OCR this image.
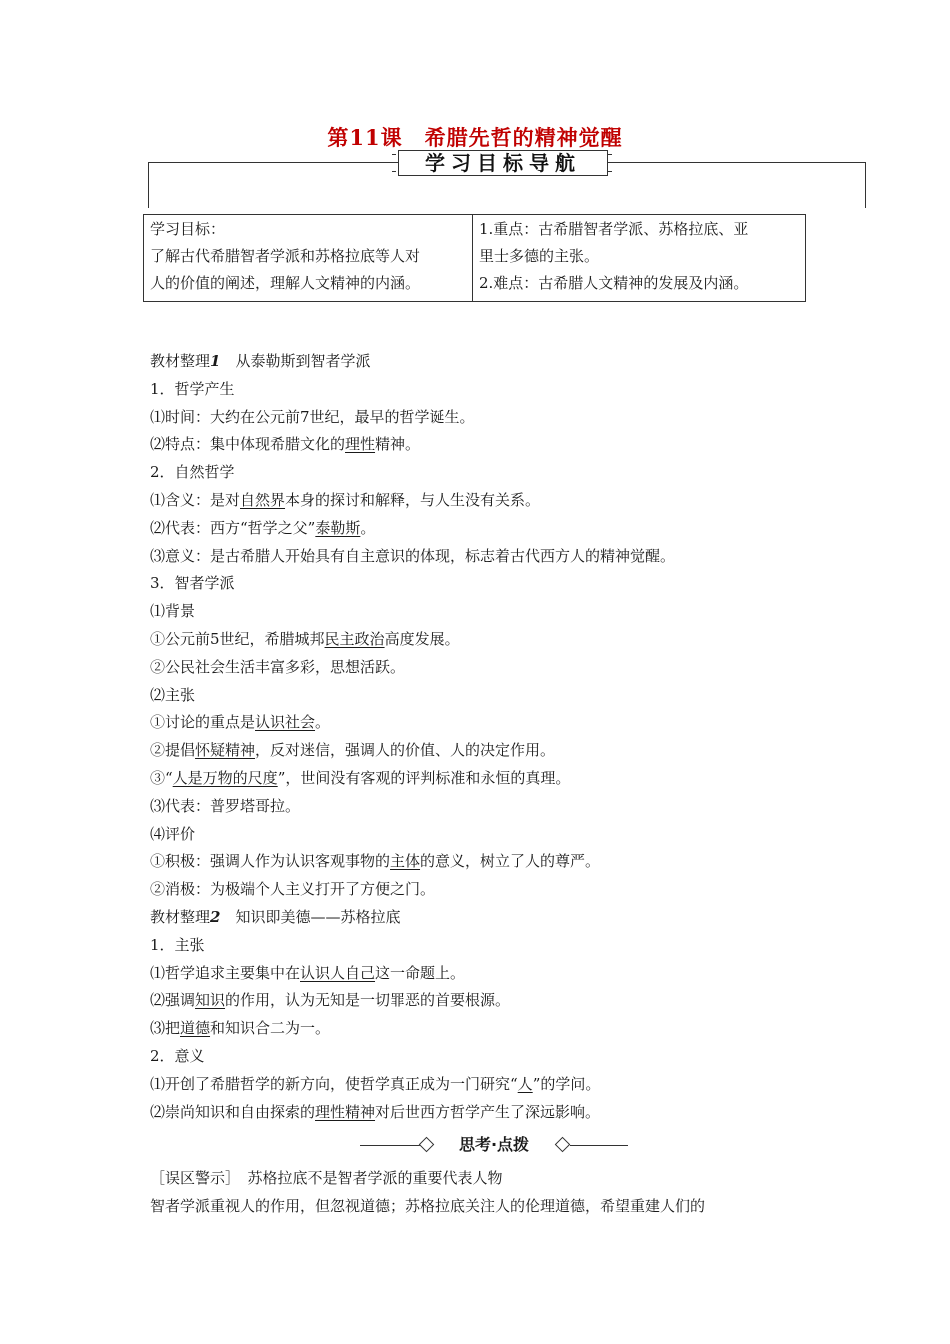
第11课　希腊先哲的精神觉醒
学习目标导航
学习目标：
了解古代希腊智者学派和苏格拉底等人对
人的价值的阐述，理解人文精神的内涵。

1.重点：古希腊智者学派、苏格拉底、亚
里士多德的主张。
2.难点：古希腊人文精神的发展及内涵。

教材整理1　 从泰勒斯到智者学派

1．哲学产生

⑴时间：大约在公元前7世纪，最早的哲学诞生。

⑵特点：集中体现希腊文化的理性精神。

2．自然哲学

⑴含义：是对自然界本身的探讨和解释，与人生没有关系。

⑵代表：西方“哲学之父”泰勒斯。

⑶意义：是古希腊人开始具有自主意识的体现，标志着古代西方人的精神觉醒。

3．智者学派

⑴背景

①公元前5世纪，希腊城邦民主政治高度发展。

②公民社会生活丰富多彩，思想活跃。

⑵主张

①讨论的重点是认识社会。

②提倡怀疑精神，反对迷信，强调人的价值、人的决定作用。

③“人是万物的尺度”，世间没有客观的评判标准和永恒的真理。

⑶代表：普罗塔哥拉。

⑷评价

①积极：强调人作为认识客观事物的主体的意义，树立了人的尊严。

②消极：为极端个人主义打开了方便之门。

教材整理2　 知识即美德——苏格拉底

1．主张

⑴哲学追求主要集中在认识人自己这一命题上。

⑵强调知识的作用，认为无知是一切罪恶的首要根源。

⑶把道德和知识合二为一。

2．意义

⑴开创了希腊哲学的新方向，使哲学真正成为一门研究“人”的学问。

⑵崇尚知识和自由探索的理性精神对后世西方哲学产生了深远影响。

思考·点拨

［误区警示］　苏格拉底不是智者学派的重要代表人物

智者学派重视人的作用，但忽视道德；苏格拉底关注人的伦理道德，希望重建人们的
